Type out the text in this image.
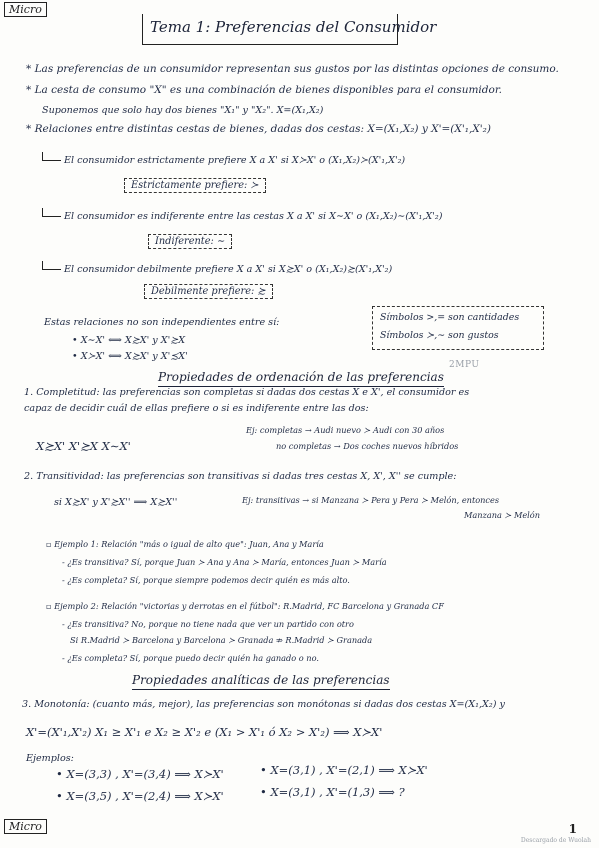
Micro
Tema 1: Preferencias del Consumidor
* Las preferencias de un consumidor representan sus gustos por las distintas opciones de consumo.
* La cesta de consumo "X" es una combinación de bienes disponibles para el consumidor.
Suponemos que solo hay dos bienes "X₁" y "X₂". X=(X₁,X₂)
* Relaciones entre distintas cestas de bienes, dadas dos cestas: X=(X₁,X₂) y X'=(X'₁,X'₂)
El consumidor estrictamente prefiere X a X' si X≻X' o (X₁,X₂)≻(X'₁,X'₂)
Estrictamente prefiere: ≻
El consumidor es indiferente entre las cestas X a X' si X∼X' o (X₁,X₂)∼(X'₁,X'₂)
Indiferente: ∼
El consumidor debilmente prefiere X a X' si X≿X' o (X₁,X₂)≿(X'₁,X'₂)
Debilmente prefiere: ≿
Estas relaciones no son independientes entre sí:
• X∼X' ⟺ X≿X' y X'≿X
• X≻X' ⟺ X≿X' y X'≾X'
Símbolos >,= son cantidades
Símbolos ≻,∼ son gustos
2MPU
Propiedades de ordenación de las preferencias
1. Completitud: las preferencias son completas si dadas dos cestas X e X', el consumidor es
capaz de decidir cuál de ellas prefiere o si es indiferente entre las dos:
Ej: completas → Audi nuevo ≻ Audi con 30 años
X≿X' X'≿X X∼X'	no completas → Dos coches nuevos híbridos
2. Transitividad: las preferencias son transitivas si dadas tres cestas X, X', X'' se cumple:
Ej: transitivas → si Manzana ≻ Pera y Pera ≻ Melón, entonces
si X≿X' y X'≿X'' ⟹ X≿X''
Manzana ≻ Melón
▫ Ejemplo 1: Relación "más o igual de alto que": Juan, Ana y María
- ¿Es transitiva? Sí, porque Juan ≻ Ana y Ana ≻ María, entonces Juan ≻ María
- ¿Es completa? Sí, porque siempre podemos decir quién es más alto.
▫ Ejemplo 2: Relación "victorias y derrotas en el fútbol": R.Madrid, FC Barcelona y Granada CF
- ¿Es transitiva? No, porque no tiene nada que ver un partido con otro
Si R.Madrid ≻ Barcelona y Barcelona ≻ Granada ⇏ R.Madrid ≻ Granada
- ¿Es completa? Sí, porque puedo decir quién ha ganado o no.
Propiedades analíticas de las preferencias
3. Monotonía: (cuanto más, mejor), las preferencias son monótonas si dadas dos cestas X=(X₁,X₂) y
X'=(X'₁,X'₂) X₁ ≥ X'₁ e X₂ ≥ X'₂ e (X₁ > X'₁ ó X₂ > X'₂) ⟹ X≻X'
Ejemplos:
• X=(3,3) , X'=(3,4) ⟹ X≻X'	• X=(3,1) , X'=(2,1) ⟹ X≻X'
• X=(3,5) , X'=(2,4) ⟹ X≻X'	• X=(3,1) , X'=(1,3) ⟹ ?
Micro	1
Descargado de Wuolah
